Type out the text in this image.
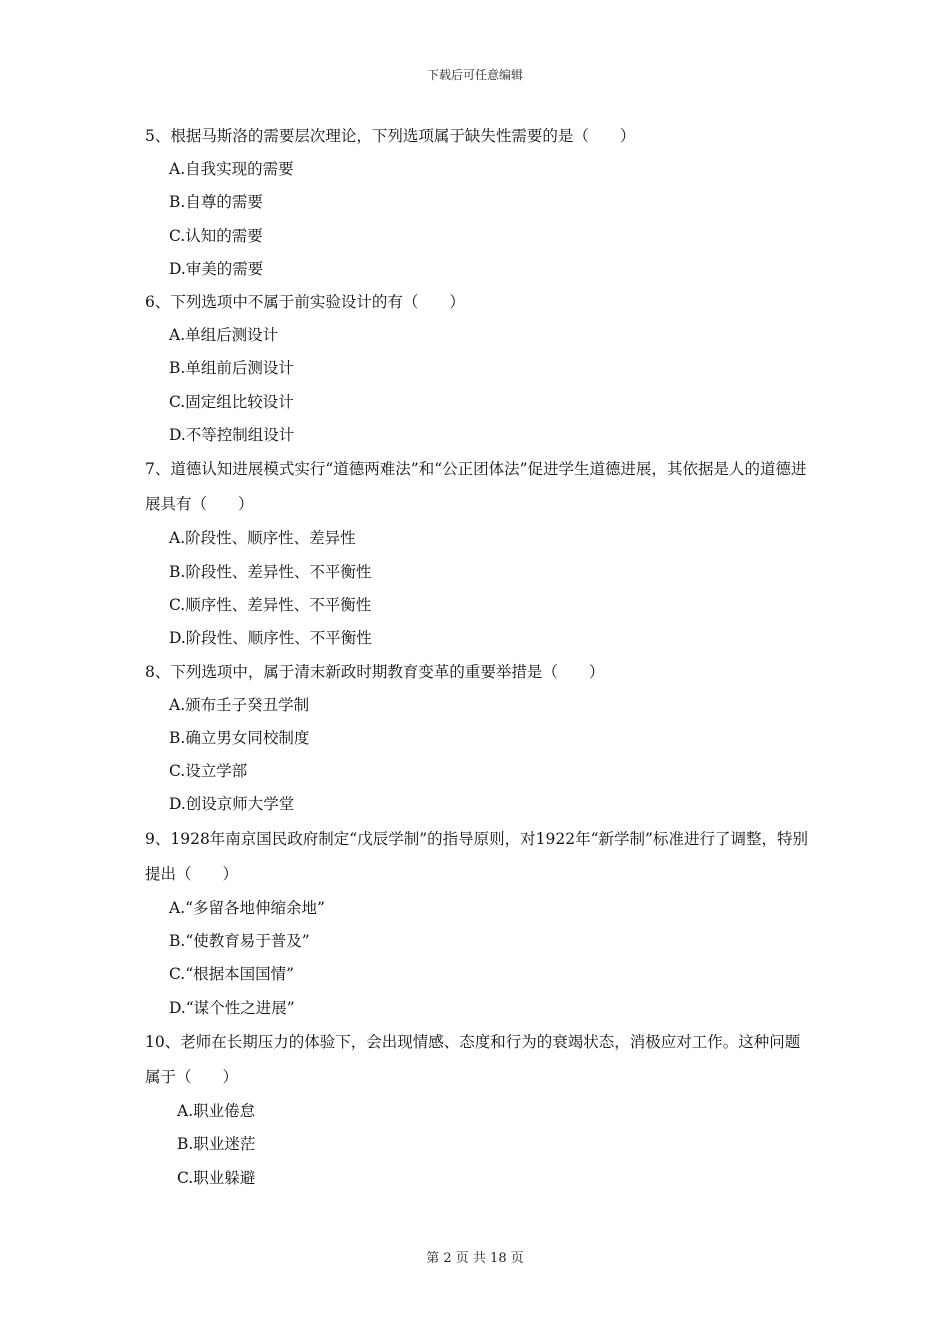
下载后可任意编辑

5、根据马斯洛的需要层次理论，下列选项属于缺失性需要的是（　　）

A.自我实现的需要

B.自尊的需要

C.认知的需要

D.审美的需要

6、下列选项中不属于前实验设计的有（　　）

A.单组后测设计

B.单组前后测设计

C.固定组比较设计

D.不等控制组设计

7、道德认知进展模式实行“道德两难法”和“公正团体法”促进学生道德进展，其依据是人的道德进展具有（　　）

A.阶段性、顺序性、差异性

B.阶段性、差异性、不平衡性

C.顺序性、差异性、不平衡性

D.阶段性、顺序性、不平衡性

8、下列选项中，属于清末新政时期教育变革的重要举措是（　　）

A.颁布壬子癸丑学制

B.确立男女同校制度

C.设立学部

D.创设京师大学堂

9、1928年南京国民政府制定“戊辰学制”的指导原则，对1922年“新学制”标准进行了调整，特别提出（　　）

A.“多留各地伸缩余地”

B.“使教育易于普及”

C.“根据本国国情”

D.“谋个性之进展”

10、老师在长期压力的体验下，会出现情感、态度和行为的衰竭状态，消极应对工作。这种问题属于（　　）

A.职业倦怠

B.职业迷茫

C.职业躲避

第 2 页 共 18 页
